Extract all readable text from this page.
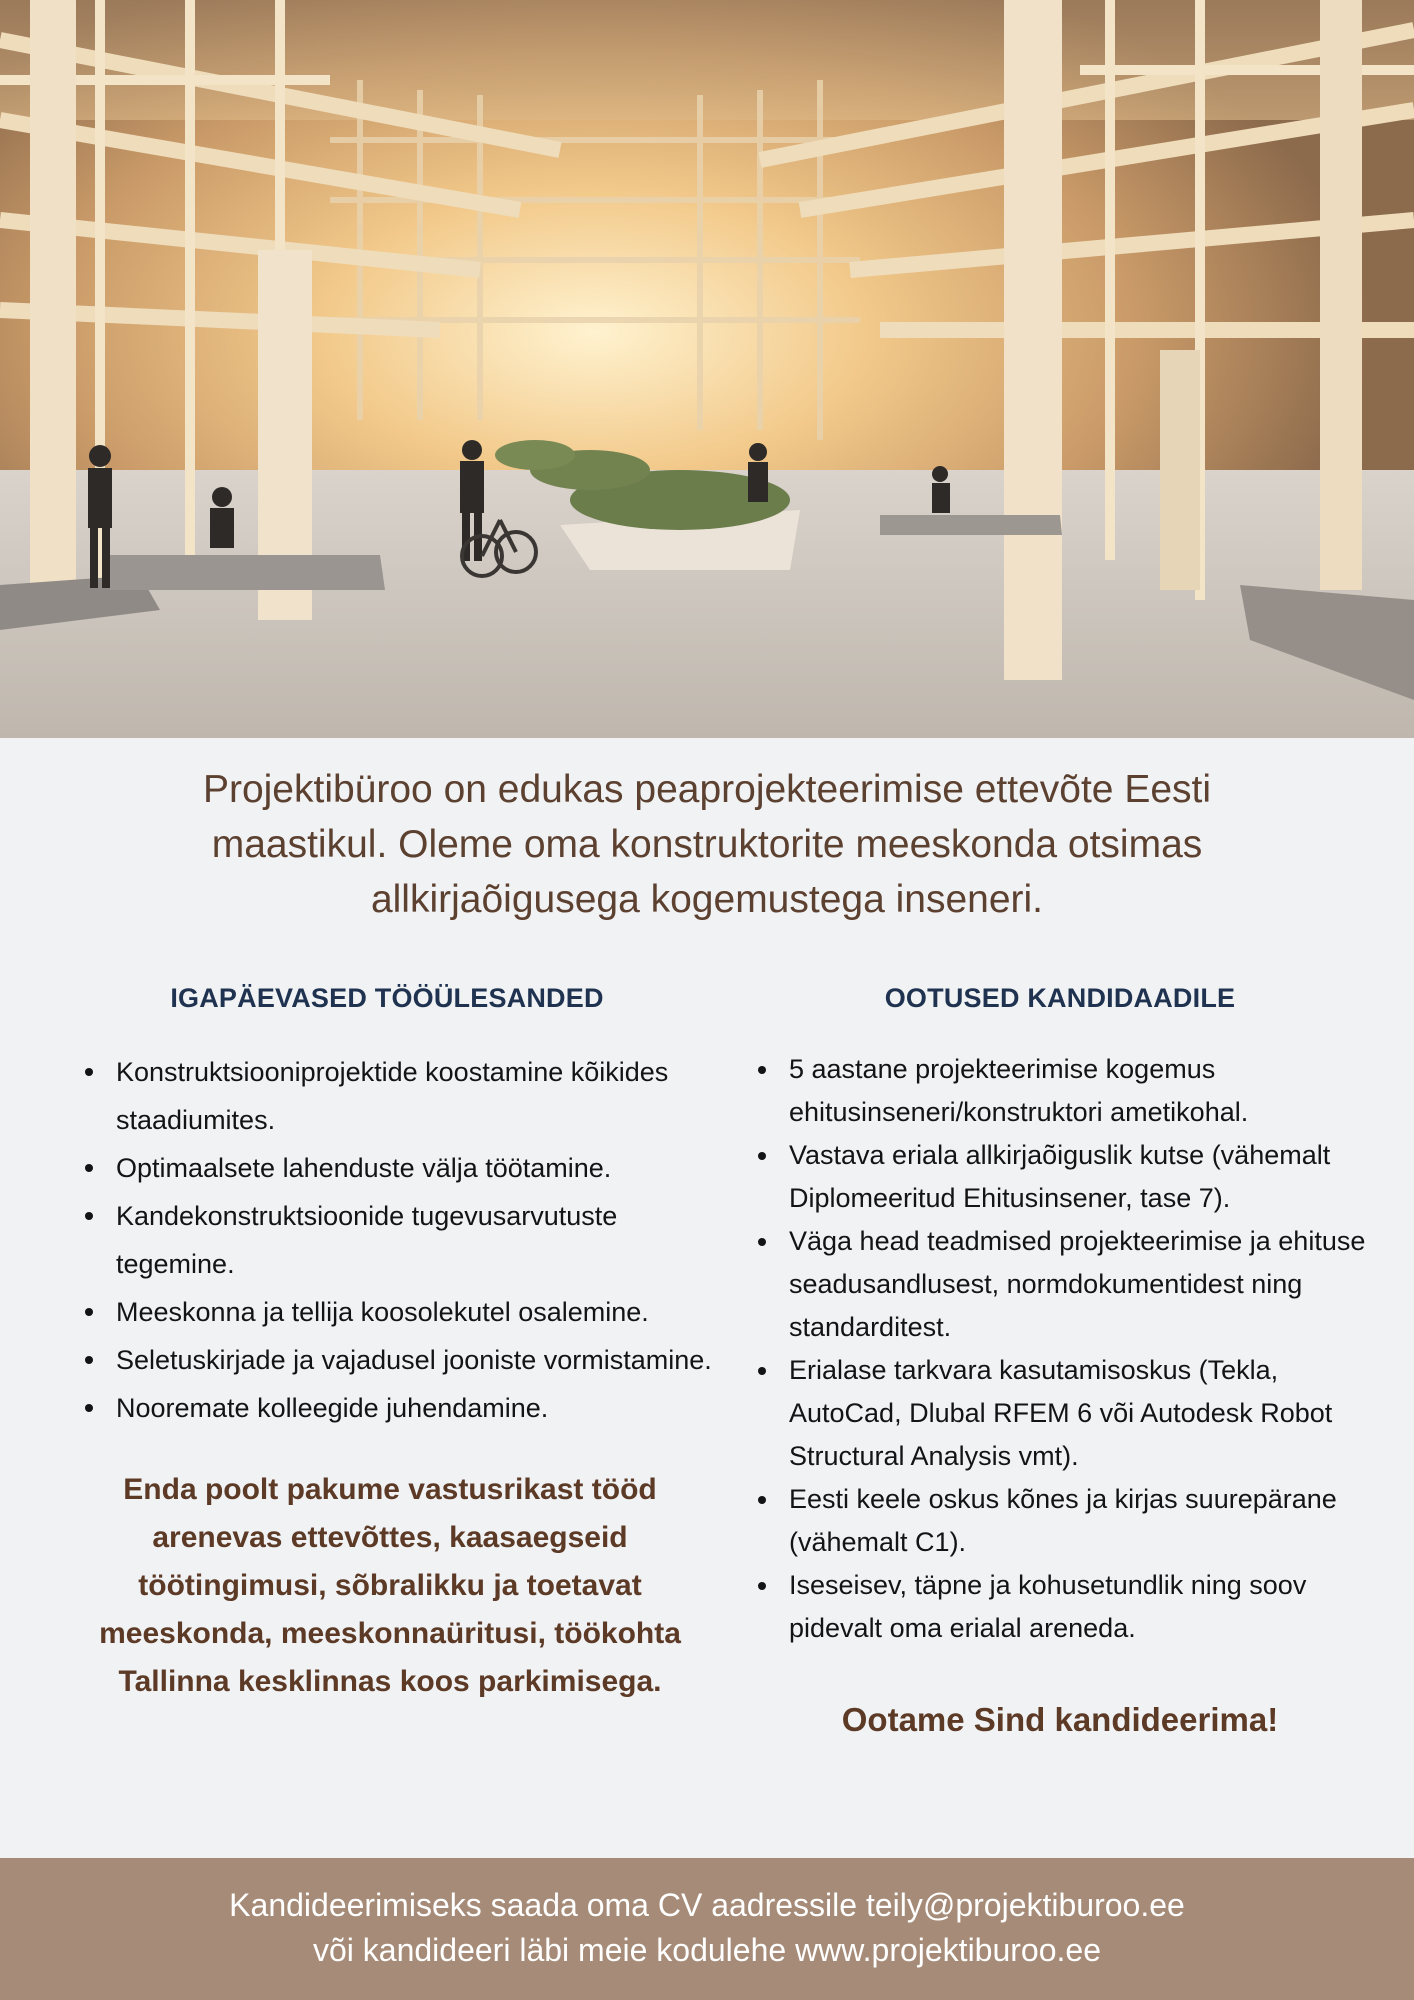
Projektibüroo on edukas peaprojekteerimise ettevõte Eesti
maastikul. Oleme oma konstruktorite meeskonda otsimas
allkirjaõigusega kogemustega inseneri.
IGAPÄEVASED TÖÖÜLESANDED
Konstruktsiooniprojektide koostamine kõikides staadiumites.
Optimaalsete lahenduste välja töötamine.
Kandekonstruktsioonide tugevusarvutuste tegemine.
Meeskonna ja tellija koosolekutel osalemine.
Seletuskirjade ja vajadusel jooniste vormistamine.
Nooremate kolleegide juhendamine.
Enda poolt pakume vastusrikast tööd arenevas ettevõttes, kaasaegseid töötingimusi, sõbralikku ja toetavat meeskonda, meeskonnaüritusi, töökohta Tallinna kesklinnas koos parkimisega.
OOTUSED KANDIDAADILE
5 aastane projekteerimise kogemus ehitusinseneri/konstruktori ametikohal.
Vastava eriala allkirjaõiguslik kutse (vähemalt Diplomeeritud Ehitusinsener, tase 7).
Väga head teadmised projekteerimise ja ehituse seadusandlusest, normdokumentidest ning standarditest.
Erialase tarkvara kasutamisoskus (Tekla, AutoCad, Dlubal RFEM 6 või Autodesk Robot Structural Analysis vmt).
Eesti keele oskus kõnes ja kirjas suurepärane (vähemalt C1).
Iseseisev, täpne ja kohusetundlik ning soov pidevalt oma erialal areneda.
Ootame Sind kandideerima!
Kandideerimiseks saada oma CV aadressile teily@projektiburoo.ee
või kandideeri läbi meie kodulehe www.projektiburoo.ee
